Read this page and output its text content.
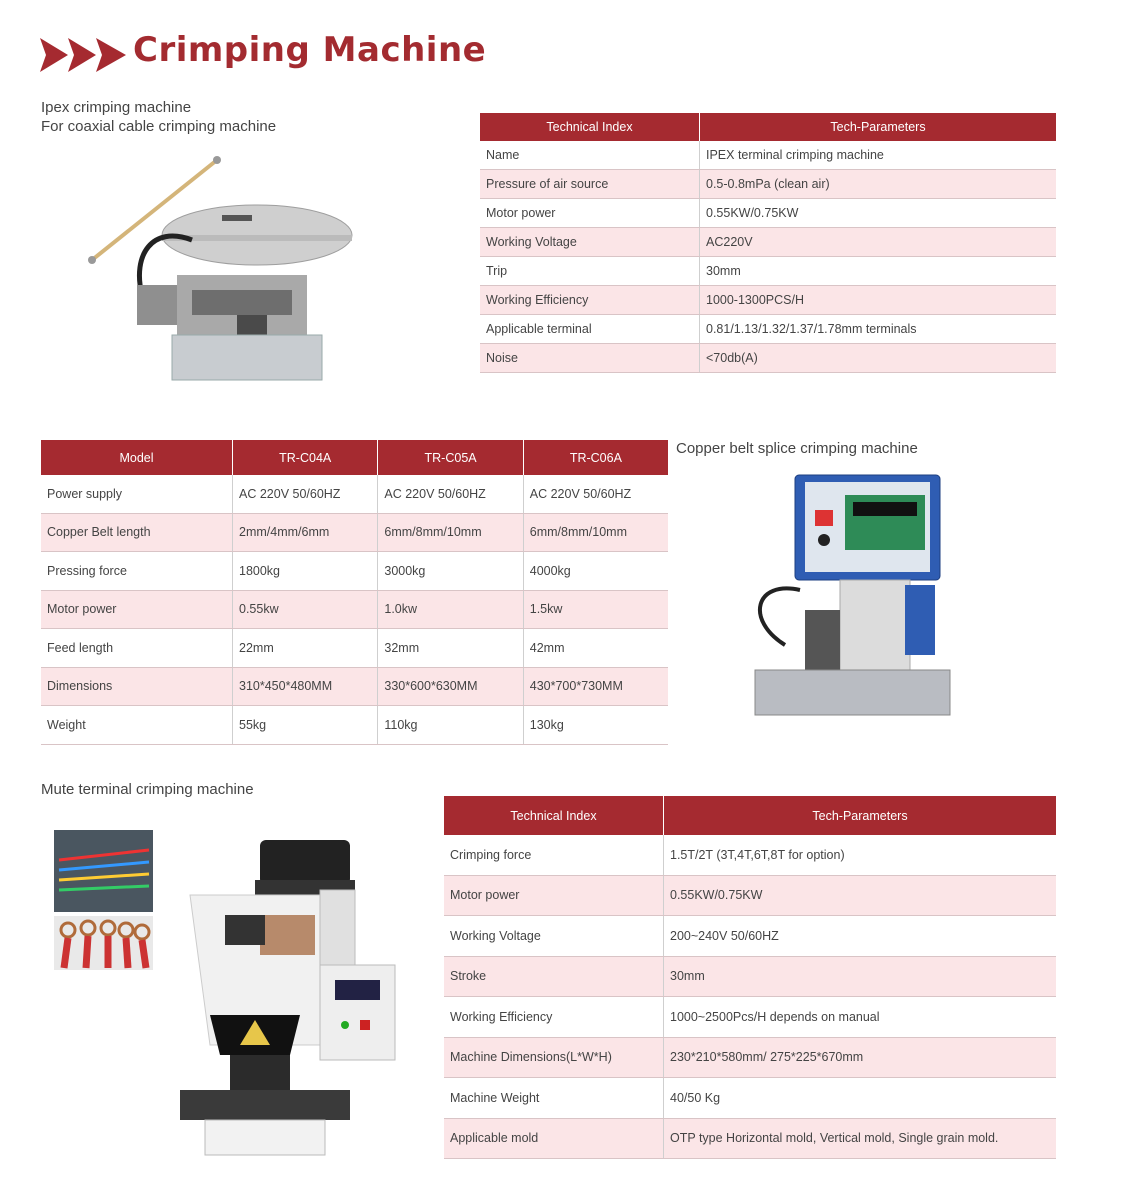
Crimping Machine
Ipex crimping machine
For coaxial cable crimping machine	Technical Index	Tech-Parameters
Name	IPEX terminal crimping machine
Pressure of air source	0.5-0.8mPa (clean air)
Motor power	0.55KW/0.75KW
Working Voltage	AC220V
Trip	30mm
Working Efficiency	1000-1300PCS/H
Applicable terminal	0.81/1.13/1.32/1.37/1.78mm terminals
Noise	<70db(A)
Model	TR-C04A	TR-C05A	TR-C06A
Power supply	AC 220V 50/60HZ	AC 220V 50/60HZ	AC 220V 50/60HZ
Copper Belt length	2mm/4mm/6mm	6mm/8mm/10mm	6mm/8mm/10mm
Pressing force	1800kg	3000kg	4000kg
Motor power	0.55kw	1.0kw	1.5kw
Feed length	22mm	32mm	42mm
Dimensions	310*450*480MM	330*600*630MM	430*700*730MM
Weight	55kg	110kg	130kg
Copper belt splice crimping machine
Mute terminal crimping machine
Technical Index	Tech-Parameters
Crimping force	1.5T/2T (3T,4T,6T,8T for option)
Motor power	0.55KW/0.75KW
Working Voltage	200~240V 50/60HZ
Stroke	30mm
Working Efficiency	1000~2500Pcs/H depends on manual
Machine Dimensions(L*W*H)	230*210*580mm/ 275*225*670mm
Machine Weight	40/50 Kg
Applicable mold	OTP type Horizontal mold, Vertical mold, Single grain mold.
